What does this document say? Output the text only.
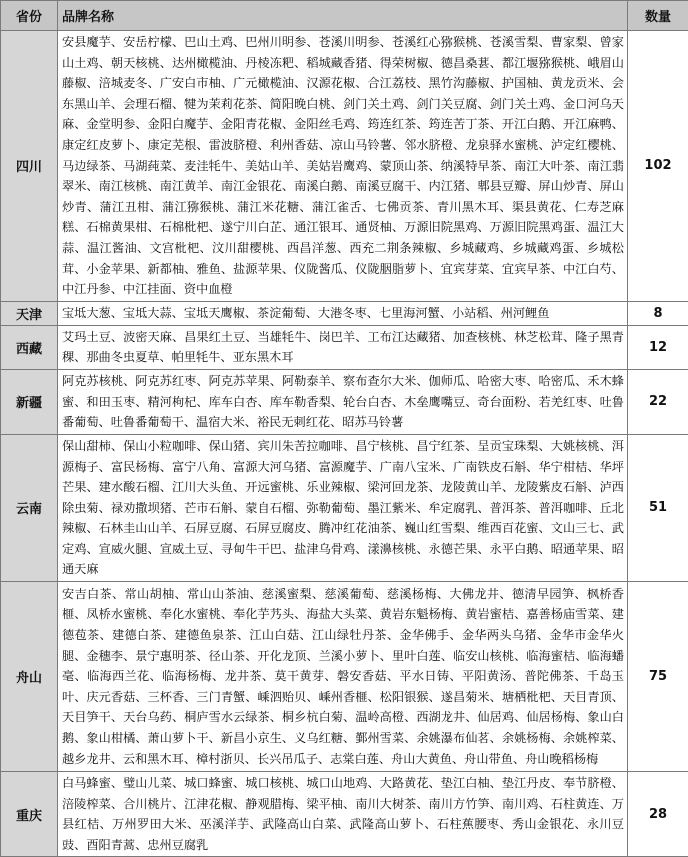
省份	品牌名称	数量
四川	安县魔芋、安岳柠檬、巴山土鸡、巴州川明参、苍溪川明参、苍溪红心猕猴桃、苍溪雪梨、曹家梨、曾家山土鸡、朝天核桃、达州橄榄油、丹棱冻粑、稻城藏香猪、得荣树椒、德昌桑葚、都江堰猕猴桃、峨眉山藤椒、涪城麦冬、广安白市柚、广元橄榄油、汉源花椒、合江荔枝、黑竹沟藤椒、护国柚、黄龙贡米、会东黑山羊、会理石榴、犍为茉莉花茶、简阳晚白桃、剑门关土鸡、剑门关豆腐、剑门关土鸡、金口河乌天麻、金堂明参、金阳白魔芋、金阳青花椒、金阳丝毛鸡、筠连红茶、筠连苦丁茶、开江白鹅、开江麻鸭、康定红皮萝卜、康定芜根、雷波脐橙、利州香菇、凉山马铃薯、邻水脐橙、龙泉驿水蜜桃、泸定红樱桃、马边绿茶、马湖莼菜、麦洼牦牛、美姑山羊、美姑岩鹰鸡、蒙顶山茶、纳溪特早茶、南江大叶茶、南江翡翠米、南江核桃、南江黄羊、南江金银花、南溪白鹅、南溪豆腐干、内江猪、郫县豆瓣、屏山炒青、屏山炒青、蒲江丑柑、蒲江猕猴桃、蒲江米花糖、蒲江雀舌、七佛贡茶、青川黑木耳、渠县黄花、仁寿芝麻糕、石棉黄果柑、石棉枇杷、遂宁川白芷、通江银耳、通贤柚、万源旧院黑鸡、万源旧院黑鸡蛋、温江大蒜、温江酱油、文宫枇杷、汶川甜樱桃、西昌洋葱、西充二荆条辣椒、乡城藏鸡、乡城藏鸡蛋、乡城松茸、小金苹果、新都柚、雅鱼、盐源苹果、仪陇酱瓜、仪陇胭脂萝卜、宜宾芽菜、宜宾早茶、中江白芍、中江丹参、中江挂面、资中血橙	102
天津	宝坻大葱、宝坻大蒜、宝坻天鹰椒、茶淀葡萄、大港冬枣、七里海河蟹、小站稻、州河鲤鱼	8
西藏	艾玛土豆、波密天麻、昌果红土豆、当雄牦牛、岗巴羊、工布江达藏猪、加查核桃、林芝松茸、隆子黑青稞、那曲冬虫夏草、帕里牦牛、亚东黑木耳	12
新疆	阿克苏核桃、阿克苏红枣、阿克苏苹果、阿勒泰羊、察布查尔大米、伽师瓜、哈密大枣、哈密瓜、禾木蜂蜜、和田玉枣、精河枸杞、库车白杏、库车勒香梨、轮台白杏、木垒鹰嘴豆、奇台面粉、若羌红枣、吐鲁番葡萄、吐鲁番葡萄干、温宿大米、裕民无刺红花、昭苏马铃薯	22
云南	保山甜柿、保山小粒咖啡、保山猪、宾川朱苦拉咖啡、昌宁核桃、昌宁红茶、呈贡宝珠梨、大姚核桃、洱源梅子、富民杨梅、富宁八角、富源大河乌猪、富源魔芋、广南八宝米、广南铁皮石斛、华宁柑桔、华坪芒果、建水酸石榴、江川大头鱼、开远蜜桃、乐业辣椒、梁河回龙茶、龙陵黄山羊、龙陵紫皮石斛、泸西除虫菊、禄劝撒坝猪、芒市石斛、蒙自石榴、弥勒葡萄、墨江紫米、牟定腐乳、普洱茶、普洱咖啡、丘北辣椒、石林圭山山羊、石屏豆腐、石屏豆腐皮、腾冲红花油茶、巍山红雪梨、维西百花蜜、文山三七、武定鸡、宣威火腿、宣威土豆、寻甸牛干巴、盐津乌骨鸡、漾濞核桃、永德芒果、永平白鹅、昭通苹果、昭通天麻	51
舟山	安吉白茶、常山胡柚、常山山茶油、慈溪蜜梨、慈溪葡萄、慈溪杨梅、大佛龙井、德清早园笋、枫桥香榧、凤桥水蜜桃、奉化水蜜桃、奉化芋艿头、海盐大头菜、黄岩东魁杨梅、黄岩蜜桔、嘉善杨庙雪菜、建德苞茶、建德白茶、建德鱼泉茶、江山白菇、江山绿牡丹茶、金华佛手、金华两头乌猪、金华市金华火腿、金穗李、景宁惠明茶、径山茶、开化龙顶、兰溪小萝卜、里叶白莲、临安山核桃、临海蜜桔、临海蟠毫、临海西兰花、临海杨梅、龙井茶、莫干黄芽、磐安香菇、平水日铸、平阳黄汤、普陀佛茶、千岛玉叶、庆元香菇、三杯香、三门青蟹、嵊泗贻贝、嵊州香榧、松阳银猴、遂昌菊米、塘栖枇杷、天目青顶、天目笋干、天台乌药、桐庐雪水云绿茶、桐乡杭白菊、温岭高橙、西湖龙井、仙居鸡、仙居杨梅、象山白鹅、象山柑橘、萧山萝卜干、新昌小京生、义乌红糖、鄞州雪菜、余姚瀑布仙茗、余姚杨梅、余姚榨菜、越乡龙井、云和黑木耳、樟村浙贝、长兴吊瓜子、志棠白莲、舟山大黄鱼、舟山带鱼、舟山晚稻杨梅	75
重庆	白马蜂蜜、璧山儿菜、城口蜂蜜、城口核桃、城口山地鸡、大路黄花、垫江白柚、垫江丹皮、奉节脐橙、涪陵榨菜、合川桃片、江津花椒、静观腊梅、梁平柚、南川大树茶、南川方竹笋、南川鸡、石柱黄连、万县红桔、万州罗田大米、巫溪洋芋、武隆高山白菜、武隆高山萝卜、石柱蕉腰枣、秀山金银花、永川豆豉、酉阳青蒿、忠州豆腐乳	28
